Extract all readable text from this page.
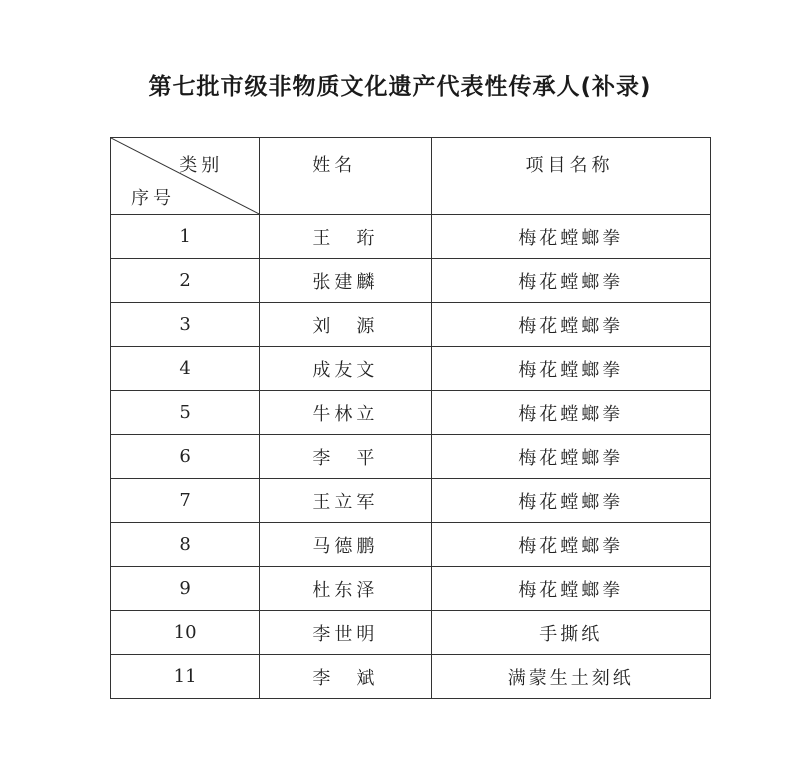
第七批市级非物质文化遗产代表性传承人(补录)
类别
序号	姓名	项目名称

1	王　珩	梅花螳螂拳
2	张建麟	梅花螳螂拳
3	刘　源	梅花螳螂拳
4	成友文	梅花螳螂拳
5	牛林立	梅花螳螂拳
6	李　平	梅花螳螂拳
7	王立军	梅花螳螂拳
8	马德鹏	梅花螳螂拳
9	杜东泽	梅花螳螂拳
10	李世明	手撕纸
11	李　斌	满蒙生土刻纸
